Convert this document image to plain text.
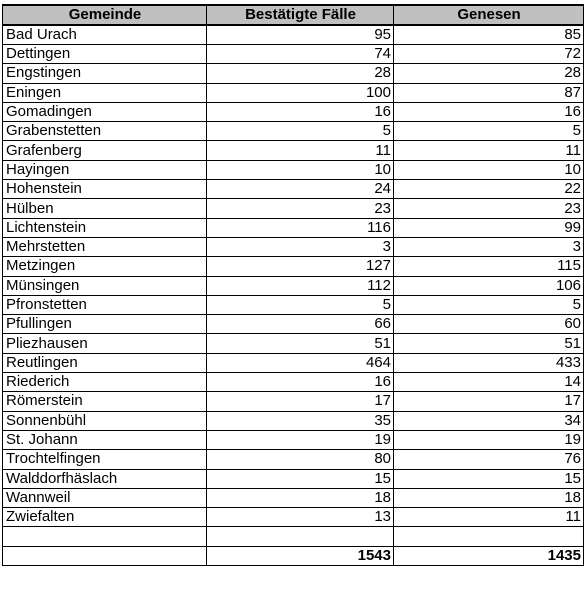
Gemeinde	Bestätigte Fälle	Genesen
Bad Urach	95	85
Dettingen	74	72
Engstingen	28	28
Eningen	100	87
Gomadingen	16	16
Grabenstetten	5	5
Grafenberg	11	11
Hayingen	10	10
Hohenstein	24	22
Hülben	23	23
Lichtenstein	116	99
Mehrstetten	3	3
Metzingen	127	115
Münsingen	112	106
Pfronstetten	5	5
Pfullingen	66	60
Pliezhausen	51	51
Reutlingen	464	433
Riederich	16	14
Römerstein	17	17
Sonnenbühl	35	34
St. Johann	19	19
Trochtelfingen	80	76
Walddorfhäslach	15	15
Wannweil	18	18
Zwiefalten	13	11

	1543	1435
